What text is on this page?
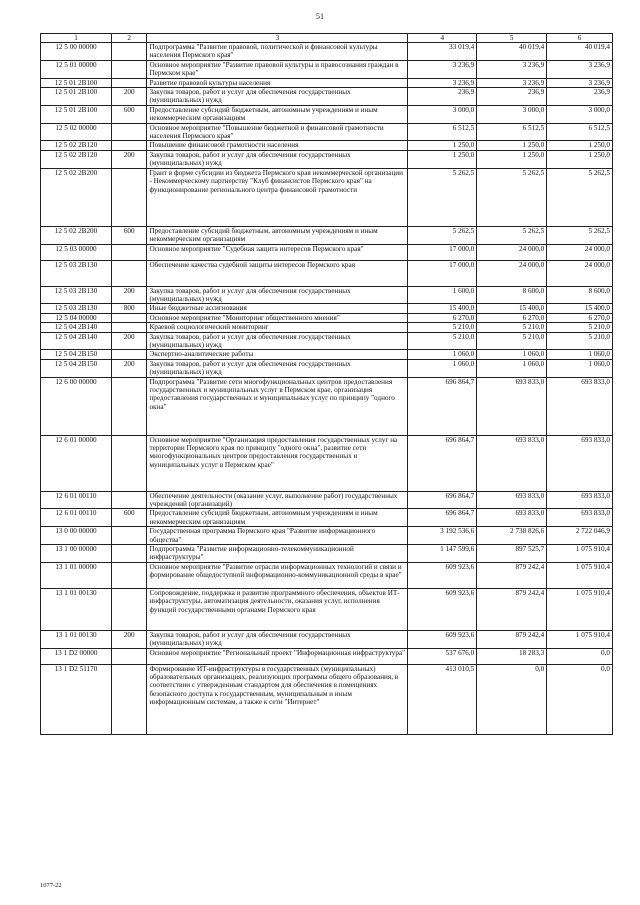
51
1	2	3	4	5	6
12 5 00 00000		Подпрограмма "Развитие правовой, политической и финансовой культуры населения Пермского края"	33 019,4	40 019,4	40 019,4
12 5 01 00000		Основное мероприятие "Развитие правовой культуры и правосознания граждан в Пермском крае"	3 236,9	3 236,9	3 236,9
12 5 01 2В100		Развитие правовой культуры населения	3 236,9	3 236,9	3 236,9
12 5 01 2В100	200	Закупка товаров, работ и услуг для обеспечения государственных (муниципальных) нужд	236,9	236,9	236,9
12 5 01 2В100	600	Предоставление субсидий бюджетным, автономным учреждениям и иным некоммерческим организациям	3 000,0	3 000,0	3 000,0
12 5 02 00000		Основное мероприятие "Повышение бюджетной и финансовой грамотности населения Пермского края"	6 512,5	6 512,5	6 512,5
12 5 02 2В120		Повышение финансовой грамотности населения	1 250,0	1 250,0	1 250,0
12 5 02 2В120	200	Закупка товаров, работ и услуг для обеспечения государственных (муниципальных) нужд	1 250,0	1 250,0	1 250,0
12 5 02 2В200		Грант в форме субсидии из бюджета Пермского края некоммерческой организации - Некоммерческому партнерству "Клуб финансистов Пермского края" на функционирование регионального центра финансовой грамотности	5 262,5	5 262,5	5 262,5
12 5 02 2В200	600	Предоставление субсидий бюджетным, автономным учреждениям и иным некоммерческим организациям	5 262,5	5 262,5	5 262,5
12 5 03 00000		Основное мероприятие "Судебная защита интересов Пермского края"	17 000,0	24 000,0	24 000,0
12 5 03 2В130		Обеспечение качества судебной защиты интересов Пермского края	17 000,0	24 000,0	24 000,0
12 5 03 2В130	200	Закупка товаров, работ и услуг для обеспечения государственных (муниципальных) нужд	1 600,0	8 600,0	8 600,0
12 5 03 2В130	800	Иные бюджетные ассигнования	15 400,0	15 400,0	15 400,0
12 5 04 00000		Основное мероприятие "Мониторинг общественного мнения"	6 270,0	6 270,0	6 270,0
12 5 04 2В140		Краевой социологический мониторинг	5 210,0	5 210,0	5 210,0
12 5 04 2В140	200	Закупка товаров, работ и услуг для обеспечения государственных (муниципальных) нужд	5 210,0	5 210,0	5 210,0
12 5 04 2В150		Экспертно-аналитические работы	1 060,0	1 060,0	1 060,0
12 5 04 2В150	200	Закупка товаров, работ и услуг для обеспечения государственных (муниципальных) нужд	1 060,0	1 060,0	1 060,0
12 6 00 00000		Подпрограмма "Развитие сети многофункциональных центров предоставления государственных и муниципальных услуг в Пермском крае, организация предоставления государственных и муниципальных услуг по принципу "одного окна"	696 864,7	693 833,0	693 833,0
12 6 01 00000		Основное мероприятие "Организация предоставления государственных услуг на территории Пермского края по принципу "одного окна", развитие сети многофункциональных центров предоставления государственных и муниципальных услуг в Пермском крае"	696 864,7	693 833,0	693 833,0
12 6 01 00110		Обеспечение деятельности (оказание услуг, выполнение работ) государственных учреждений (организаций)	696 864,7	693 833,0	693 833,0
12 6 01 00110	600	Предоставление субсидий бюджетным, автономным учреждениям и иным некоммерческим организациям	696 864,7	693 833,0	693 833,0
13 0 00 00000		Государственная программа Пермского края "Развитие информационного общества"	3 192 536,6	2 738 826,6	2 722 046,9
13 1 00 00000		Подпрограмма "Развитие информационно-телекоммуникационной инфраструктуры"	1 147 599,6	897 525,7	1 075 910,4
13 1 01 00000		Основное мероприятие "Развитие отрасли информационных технологий и связи и формирование общедоступной информационно-коммуникационной среды в крае"	609 923,6	879 242,4	1 075 910,4
13 1 01 00130		Сопровождение, поддержка и развитие программного обеспечения, объектов ИТ-инфраструктуры, автоматизация деятельности, оказания услуг, исполнения функций государственными органами Пермского края	609 923,6	879 242,4	1 075 910,4
13 1 01 00130	200	Закупка товаров, работ и услуг для обеспечения государственных (муниципальных) нужд	609 923,6	879 242,4	1 075 910,4
13 1 D2 00000		Основное мероприятие "Региональный проект "Информационная инфраструктура"	537 676,0	18 283,3	0,0
13 1 D2 51170		Формирование ИТ-инфраструктуры в государственных (муниципальных) образовательных организациях, реализующих программы общего образования, в соответствии с утвержденным стандартом для обеспечения в помещениях безопасного доступа к государственным, муниципальным и иным информационным системам, а также к сети "Интернет"	413 010,5	0,0	0,0
1077-22
